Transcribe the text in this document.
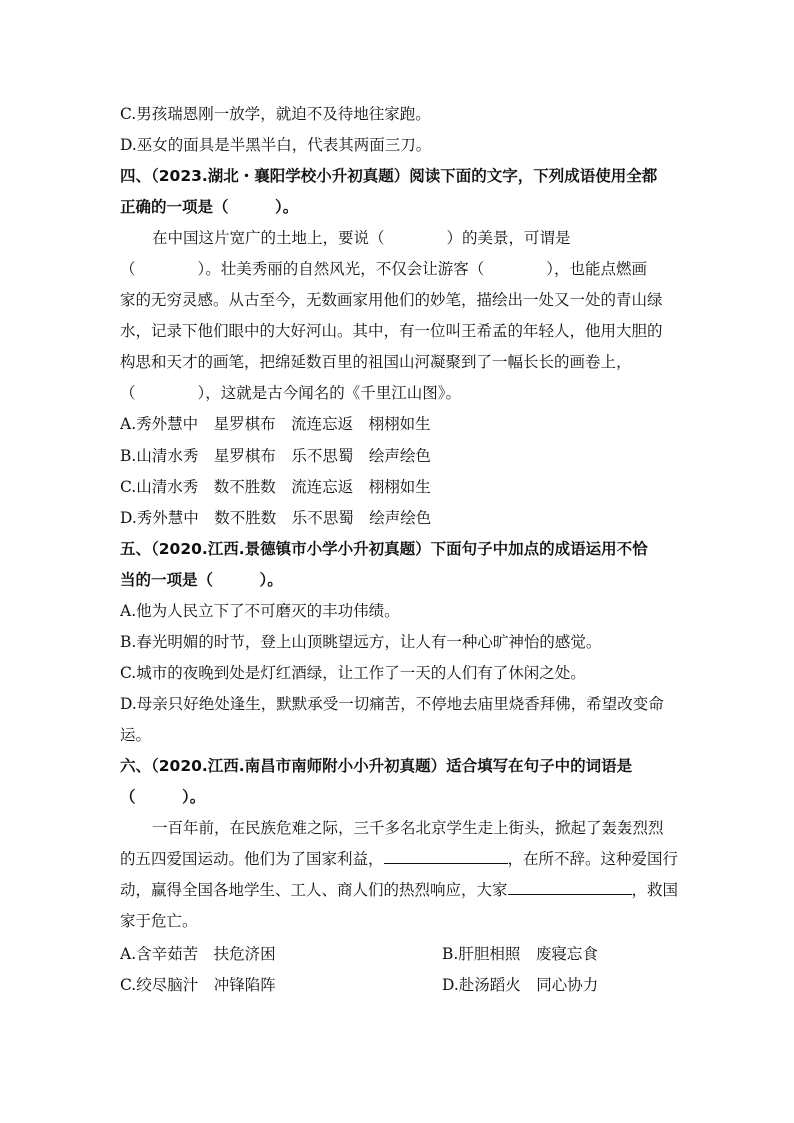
C.男孩瑞恩刚一放学，就迫不及待地往家跑。
D.巫女的面具是半黑半白，代表其两面三刀。
四、（2023.湖北・襄阳学校小升初真题）阅读下面的文字，下列成语使用全都
正确的一项是（　　　）。
在中国这片宽广的土地上，要说（　　　　）的美景，可谓是
（　　　　）。壮美秀丽的自然风光，不仅会让游客（　　　　），也能点燃画
家的无穷灵感。从古至今，无数画家用他们的妙笔，描绘出一处又一处的青山绿
水，记录下他们眼中的大好河山。其中，有一位叫王希孟的年轻人，他用大胆的
构思和天才的画笔，把绵延数百里的祖国山河凝聚到了一幅长长的画卷上，
（　　　　），这就是古今闻名的《千里江山图》。
A.秀外慧中　星罗棋布　流连忘返　栩栩如生
B.山清水秀　星罗棋布　乐不思蜀　绘声绘色
C.山清水秀　数不胜数　流连忘返　栩栩如生
D.秀外慧中　数不胜数　乐不思蜀　绘声绘色
五、（2020.江西.景德镇市小学小升初真题）下面句子中加点的成语运用不恰
当的一项是（　　　）。
A.他为人民立下了不可磨灭的丰功伟绩。
B.春光明媚的时节，登上山顶眺望远方，让人有一种心旷神怡的感觉。
C.城市的夜晚到处是灯红酒绿，让工作了一天的人们有了休闲之处。
D.母亲只好绝处逢生，默默承受一切痛苦，不停地去庙里烧香拜佛，希望改变命
运。
六、（2020.江西.南昌市南师附小小升初真题）适合填写在句子中的词语是
（　　　）。
一百年前，在民族危难之际，三千多名北京学生走上街头，掀起了轰轰烈烈
的五四爱国运动。他们为了国家利益，	，在所不辞。这种爱国行
动，赢得全国各地学生、工人、商人们的热烈响应，大家	，救国
家于危亡。
A.含辛茹苦　扶危济困	B.肝胆相照　废寝忘食
C.绞尽脑汁　冲锋陷阵	D.赴汤蹈火　同心协力
